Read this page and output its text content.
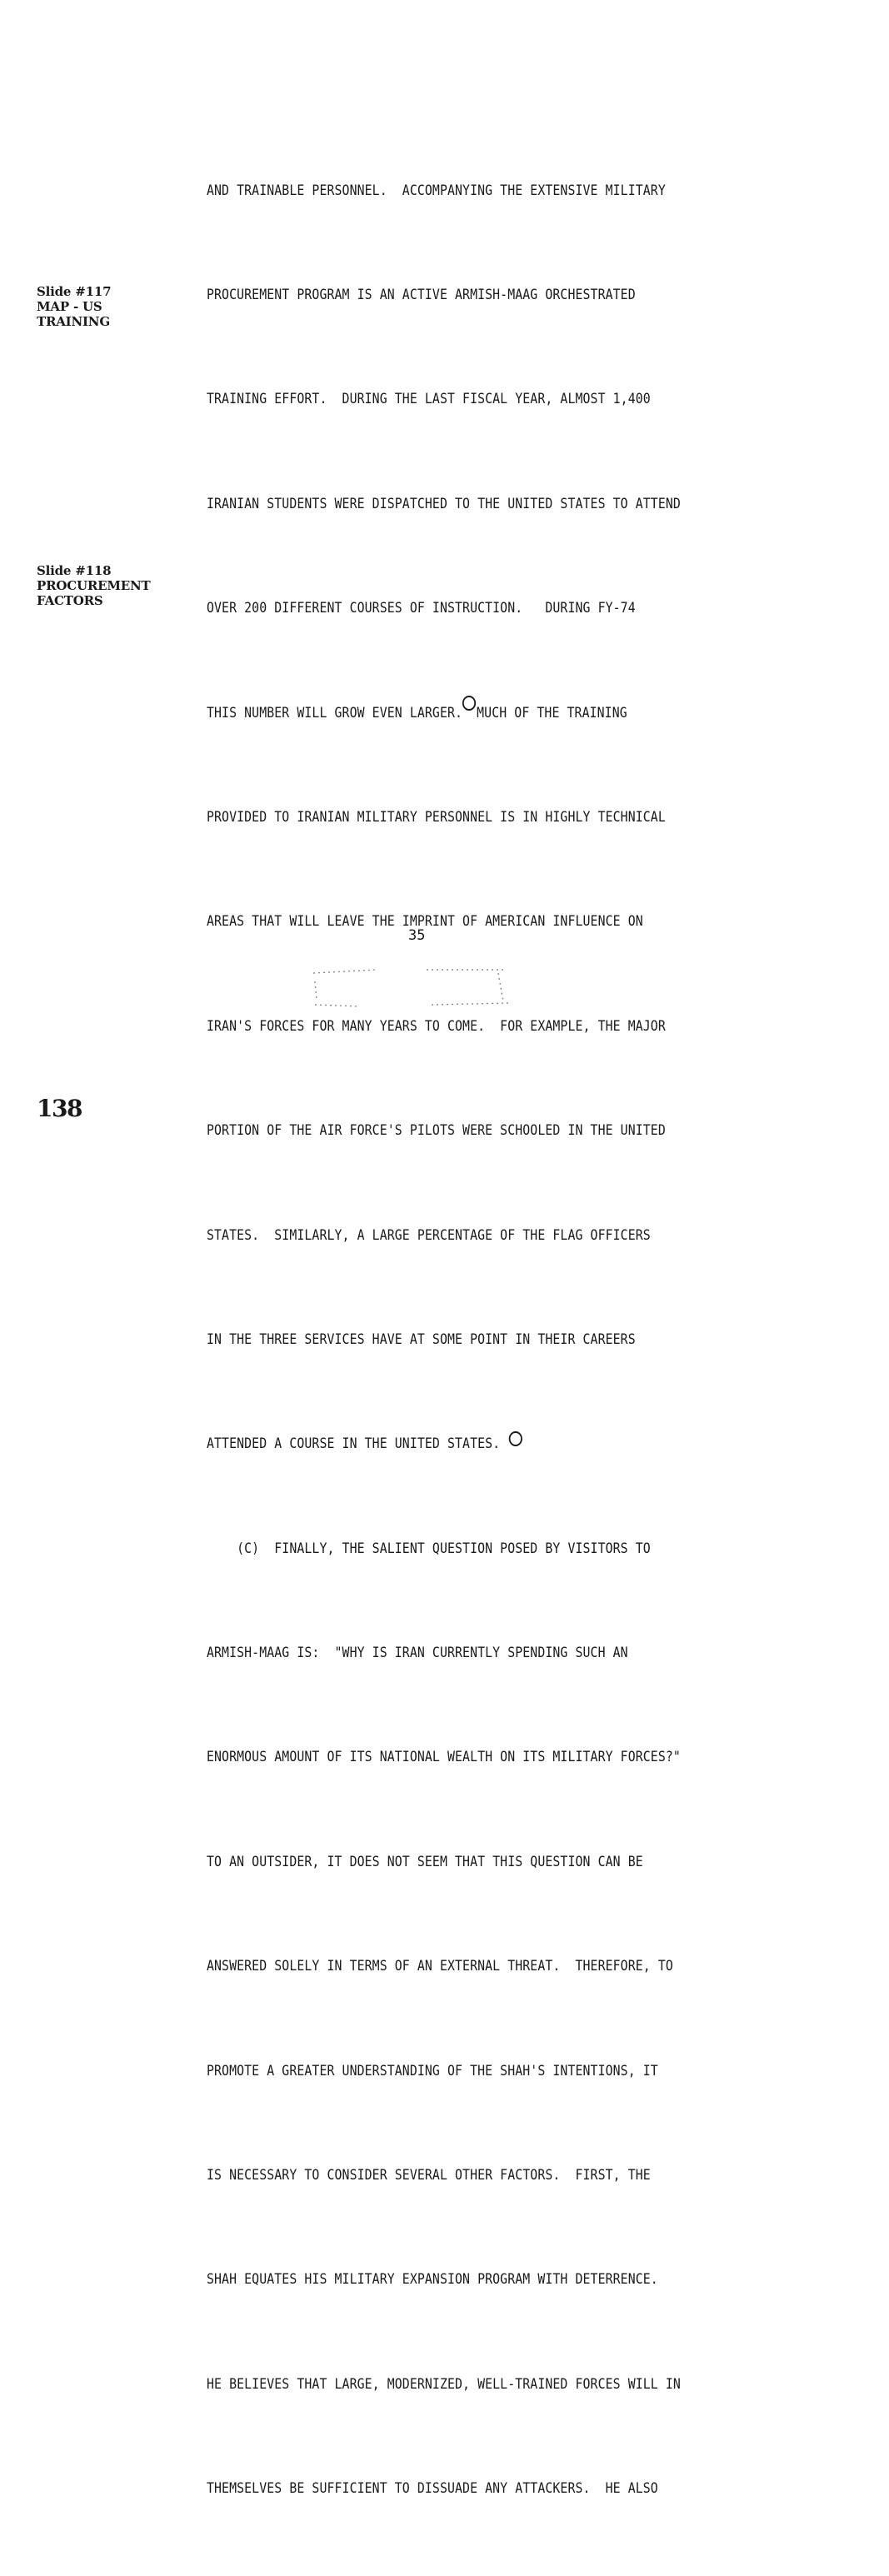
AND TRAINABLE PERSONNEL.  ACCOMPANYING THE EXTENSIVE MILITARY

PROCUREMENT PROGRAM IS AN ACTIVE ARMISH-MAAG ORCHESTRATED

TRAINING EFFORT.  DURING THE LAST FISCAL YEAR, ALMOST 1,400

IRANIAN STUDENTS WERE DISPATCHED TO THE UNITED STATES TO ATTEND

OVER 200 DIFFERENT COURSES OF INSTRUCTION.   DURING FY-74

THIS NUMBER WILL GROW EVEN LARGER. MUCH OF THE TRAINING

PROVIDED TO IRANIAN MILITARY PERSONNEL IS IN HIGHLY TECHNICAL

AREAS THAT WILL LEAVE THE IMPRINT OF AMERICAN INFLUENCE ON

IRAN'S FORCES FOR MANY YEARS TO COME.  FOR EXAMPLE, THE MAJOR

PORTION OF THE AIR FORCE'S PILOTS WERE SCHOOLED IN THE UNITED

STATES.  SIMILARLY, A LARGE PERCENTAGE OF THE FLAG OFFICERS

IN THE THREE SERVICES HAVE AT SOME POINT IN THEIR CAREERS

ATTENDED A COURSE IN THE UNITED STATES.

(C)  FINALLY, THE SALIENT QUESTION POSED BY VISITORS TO

ARMISH-MAAG IS:  "WHY IS IRAN CURRENTLY SPENDING SUCH AN

ENORMOUS AMOUNT OF ITS NATIONAL WEALTH ON ITS MILITARY FORCES?"

TO AN OUTSIDER, IT DOES NOT SEEM THAT THIS QUESTION CAN BE

ANSWERED SOLELY IN TERMS OF AN EXTERNAL THREAT.  THEREFORE, TO

PROMOTE A GREATER UNDERSTANDING OF THE SHAH'S INTENTIONS, IT

IS NECESSARY TO CONSIDER SEVERAL OTHER FACTORS.  FIRST, THE

SHAH EQUATES HIS MILITARY EXPANSION PROGRAM WITH DETERRENCE.

HE BELIEVES THAT LARGE, MODERNIZED, WELL-TRAINED FORCES WILL IN

THEMSELVES BE SUFFICIENT TO DISSUADE ANY ATTACKERS.  HE ALSO

Slide #117
MAP - US
TRAINING
Slide #118
PROCUREMENT
FACTORS
35
138
